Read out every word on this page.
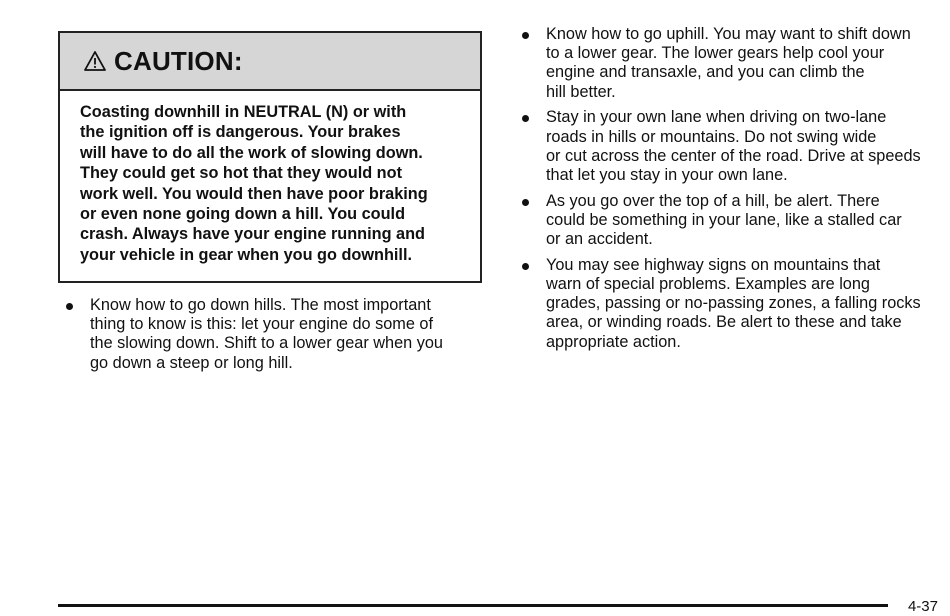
CAUTION:
Coasting downhill in NEUTRAL (N) or with
the ignition off is dangerous. Your brakes
will have to do all the work of slowing down.
They could get so hot that they would not
work well. You would then have poor braking
or even none going down a hill. You could
crash. Always have your engine running and
your vehicle in gear when you go downhill.
Know how to go down hills. The most important
thing to know is this: let your engine do some of
the slowing down. Shift to a lower gear when you
go down a steep or long hill.
Know how to go uphill. You may want to shift down
to a lower gear. The lower gears help cool your
engine and transaxle, and you can climb the
hill better.
Stay in your own lane when driving on two-lane
roads in hills or mountains. Do not swing wide
or cut across the center of the road. Drive at speeds
that let you stay in your own lane.
As you go over the top of a hill, be alert. There
could be something in your lane, like a stalled car
or an accident.
You may see highway signs on mountains that
warn of special problems. Examples are long
grades, passing or no-passing zones, a falling rocks
area, or winding roads. Be alert to these and take
appropriate action.
4-37
